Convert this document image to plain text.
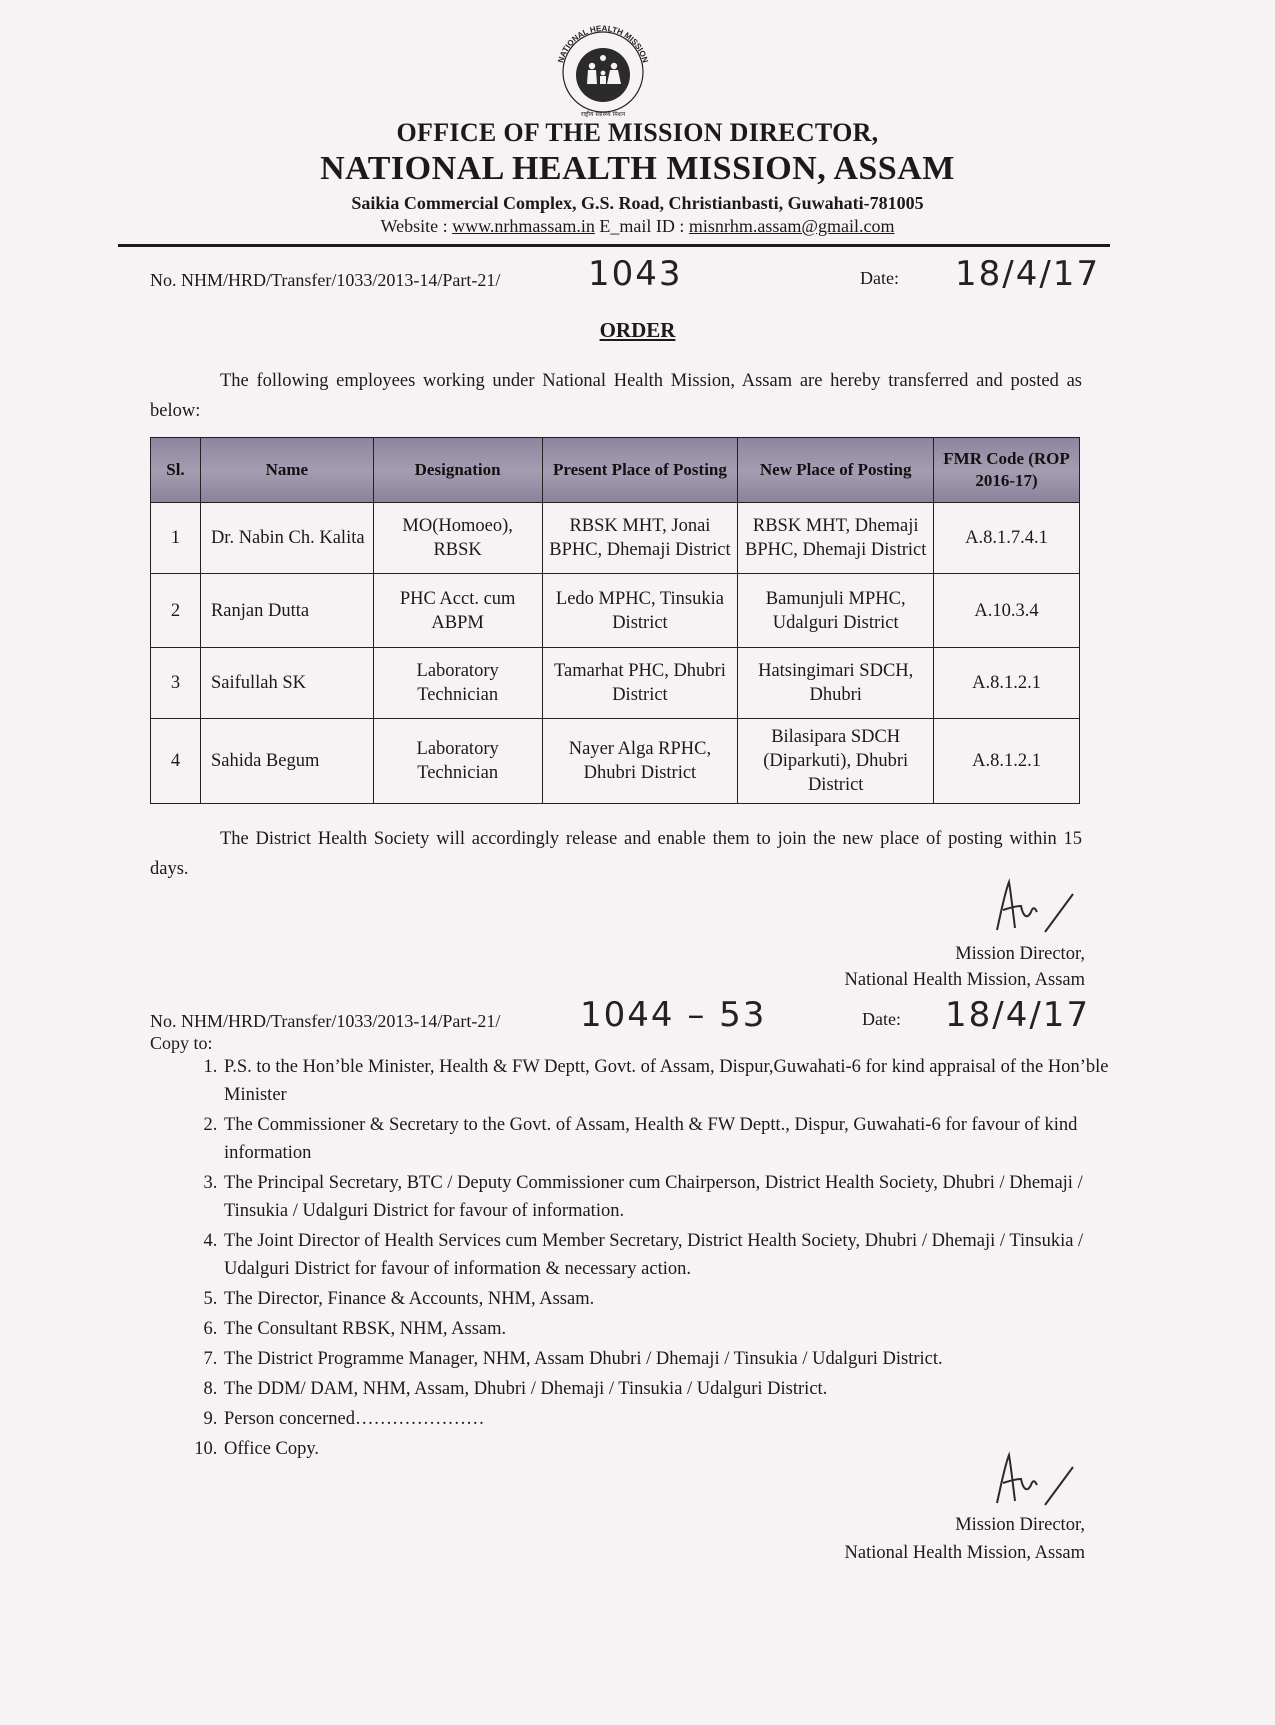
NATIONAL HEALTH MISSION
राष्ट्रीय स्वास्थ्य मिशन
OFFICE OF THE MISSION DIRECTOR,
NATIONAL HEALTH MISSION, ASSAM
Saikia Commercial Complex, G.S. Road, Christianbasti, Guwahati-781005
Website : www.nrhmassam.in E_mail ID : misnrhm.assam@gmail.com
No. NHM/HRD/Transfer/1033/2013-14/Part-21/	1043	Date: 18/4/17
ORDER
The following employees working under National Health Mission, Assam are hereby transferred and posted as below:
Sl.	Name	Designation	Present Place of Posting	New Place of Posting	FMR Code (ROP 2016-17)
1	Dr. Nabin Ch. Kalita	MO(Homoeo), RBSK	RBSK MHT, Jonai BPHC, Dhemaji District	RBSK MHT, Dhemaji BPHC, Dhemaji District	A.8.1.7.4.1
2	Ranjan Dutta	PHC Acct. cum ABPM	Ledo MPHC, Tinsukia District	Bamunjuli MPHC, Udalguri District	A.10.3.4
3	Saifullah SK	Laboratory Technician	Tamarhat PHC, Dhubri District	Hatsingimari SDCH, Dhubri	A.8.1.2.1
4	Sahida Begum	Laboratory Technician	Nayer Alga RPHC, Dhubri District	Bilasipara SDCH (Diparkuti), Dhubri District	A.8.1.2.1
The District Health Society will accordingly release and enable them to join the new place of posting within 15 days.
Mission Director,
National Health Mission, Assam
No. NHM/HRD/Transfer/1033/2013-14/Part-21/ 1044 – 53	Date: 18/4/17
Copy to:
1. P.S. to the Hon’ble Minister, Health & FW Deptt, Govt. of Assam, Dispur,Guwahati-6 for kind appraisal of the Hon’ble Minister
2. The Commissioner & Secretary to the Govt. of Assam, Health & FW Deptt., Dispur, Guwahati-6 for favour of kind information
3. The Principal Secretary, BTC / Deputy Commissioner cum Chairperson, District Health Society, Dhubri / Dhemaji / Tinsukia / Udalguri District for favour of information.
4. The Joint Director of Health Services cum Member Secretary, District Health Society, Dhubri / Dhemaji / Tinsukia / Udalguri District for favour of information & necessary action.
5. The Director, Finance & Accounts, NHM, Assam.
6. The Consultant RBSK, NHM, Assam.
7. The District Programme Manager, NHM, Assam Dhubri / Dhemaji / Tinsukia / Udalguri District.
8. The DDM/ DAM, NHM, Assam, Dhubri / Dhemaji / Tinsukia / Udalguri District.
9. Person concerned…………………
10. Office Copy.
Mission Director,
National Health Mission, Assam
